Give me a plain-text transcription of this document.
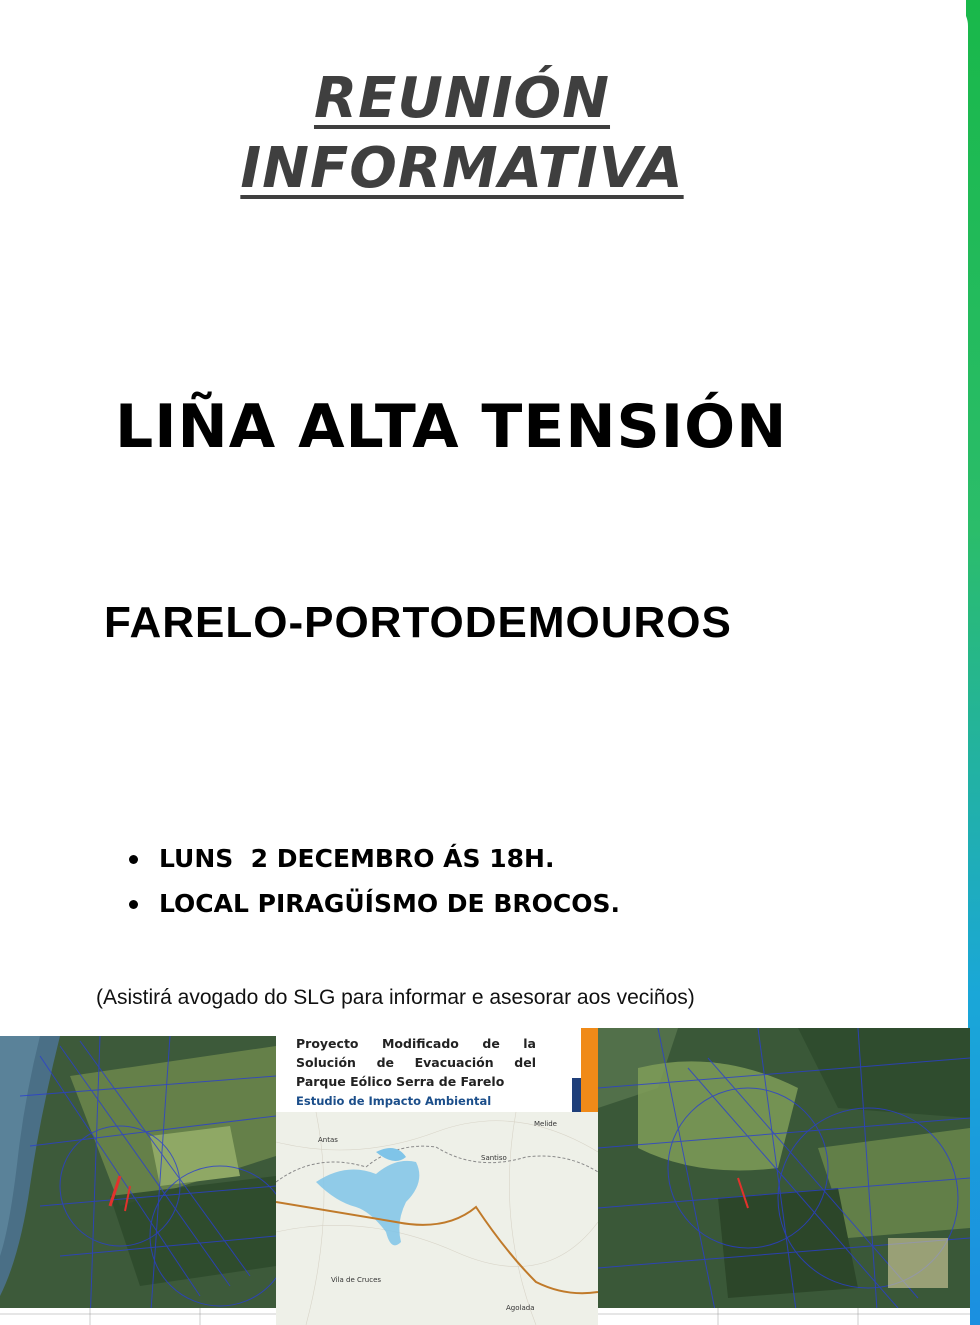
REUNIÓN
INFORMATIVA
LIÑA ALTA TENSIÓN
FARELO-PORTODEMOUROS
LUNS  2 DECEMBRO ÁS 18H.
LOCAL PIRAGÜÍSMO DE BROCOS.
(Asistirá avogado do SLG para informar e asesorar aos veciños)
Proyecto Modificado de la Solución de Evacuación del Parque Eólico Serra de Farelo
Estudio de Impacto Ambiental
Antas
Santiso
Melide
Vila de Cruces
Agolada
